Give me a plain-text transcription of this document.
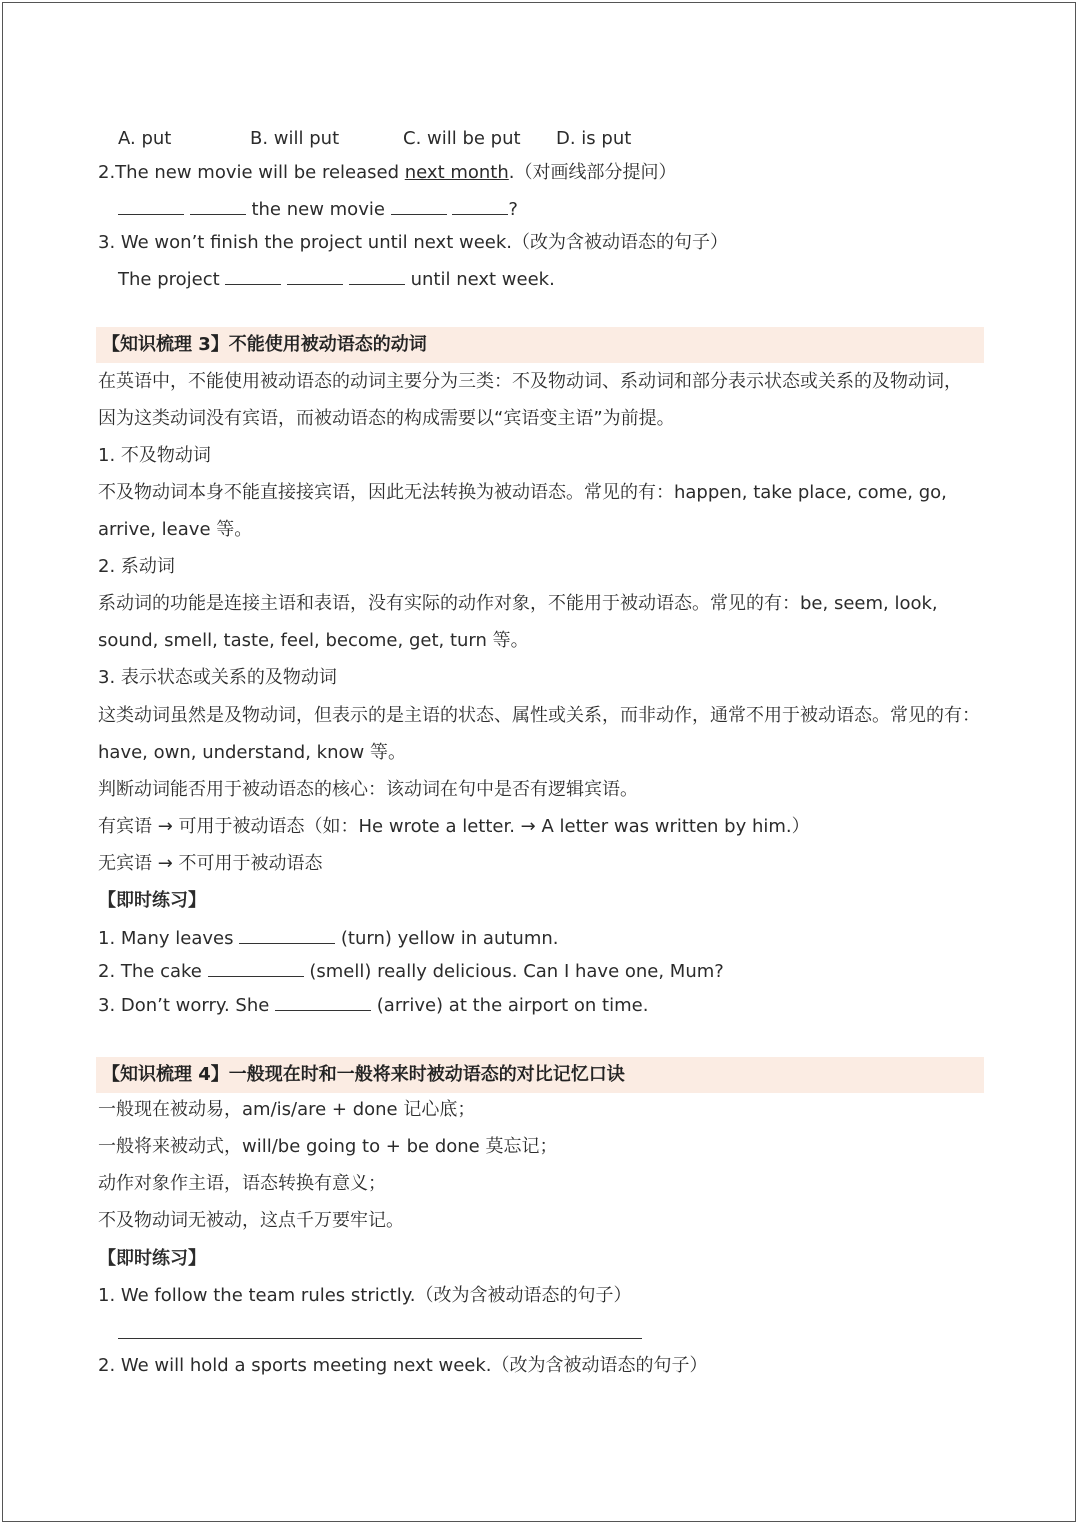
A. put	B. will put	C. will be put D. is put
2.The new movie will be released next month.（对画线部分提问）
the new movie	?
3. We won’t finish the project until next week.（改为含被动语态的句子）
The project	until next week.
【知识梳理 3】不能使用被动语态的动词
在英语中，不能使用被动语态的动词主要分为三类：不及物动词、系动词和部分表示状态或关系的及物动词，
因为这类动词没有宾语，而被动语态的构成需要以“宾语变主语”为前提。
1. 不及物动词
不及物动词本身不能直接接宾语，因此无法转换为被动语态。常见的有：happen, take place, come, go,
arrive, leave 等。
2. 系动词
系动词的功能是连接主语和表语，没有实际的动作对象，不能用于被动语态。常见的有：be, seem, look,
sound, smell, taste, feel, become, get, turn 等。
3. 表示状态或关系的及物动词
这类动词虽然是及物动词，但表示的是主语的状态、属性或关系，而非动作，通常不用于被动语态。常见的有：
have, own, understand, know 等。
判断动词能否用于被动语态的核心：该动词在句中是否有逻辑宾语。
有宾语 → 可用于被动语态（如：He wrote a letter. → A letter was written by him.）
无宾语 → 不可用于被动语态
【即时练习】
1. Many leaves	(turn) yellow in autumn.
2. The cake	(smell) really delicious. Can I have one, Mum?
3. Don’t worry. She	(arrive) at the airport on time.
【知识梳理 4】一般现在时和一般将来时被动语态的对比记忆口诀
一般现在被动易，am/is/are + done 记心底；
一般将来被动式，will/be going to + be done 莫忘记；
动作对象作主语，语态转换有意义；
不及物动词无被动，这点千万要牢记。
【即时练习】
1. We follow the team rules strictly.（改为含被动语态的句子）
2. We will hold a sports meeting next week.（改为含被动语态的句子）
